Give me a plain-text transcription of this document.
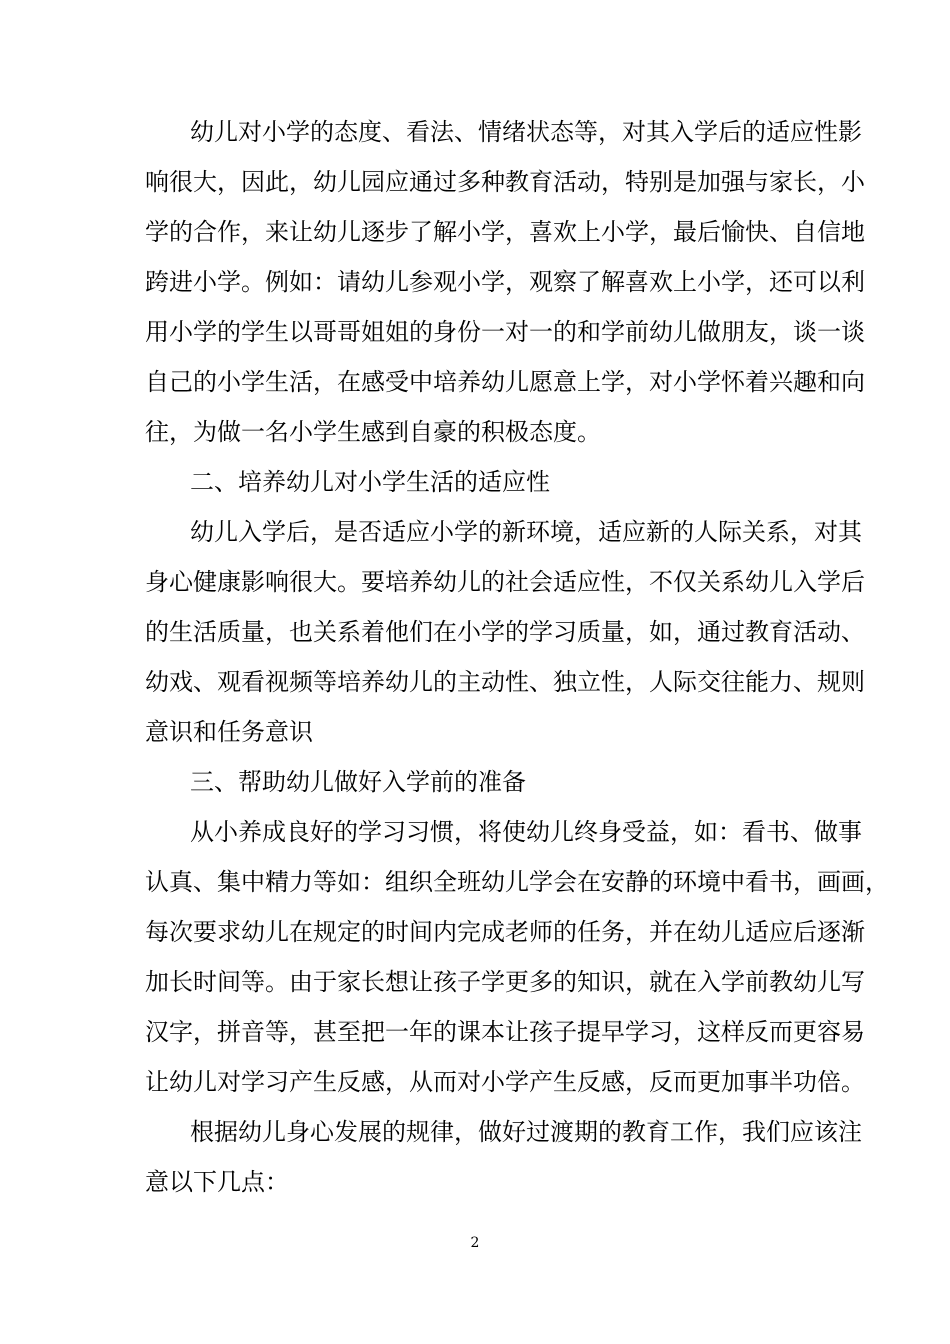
幼儿对小学的态度、看法、情绪状态等，对其入学后的适应性影
响很大，因此，幼儿园应通过多种教育活动，特别是加强与家长，小
学的合作，来让幼儿逐步了解小学，喜欢上小学，最后愉快、自信地
跨进小学。例如：请幼儿参观小学，观察了解喜欢上小学，还可以利
用小学的学生以哥哥姐姐的身份一对一的和学前幼儿做朋友，谈一谈
自己的小学生活，在感受中培养幼儿愿意上学，对小学怀着兴趣和向
往，为做一名小学生感到自豪的积极态度。
二、培养幼儿对小学生活的适应性
幼儿入学后，是否适应小学的新环境，适应新的人际关系，对其
身心健康影响很大。要培养幼儿的社会适应性，不仅关系幼儿入学后
的生活质量，也关系着他们在小学的学习质量，如，通过教育活动、
幼戏、观看视频等培养幼儿的主动性、独立性，人际交往能力、规则
意识和任务意识
三、帮助幼儿做好入学前的准备
从小养成良好的学习习惯，将使幼儿终身受益，如：看书、做事
认真、集中精力等如：组织全班幼儿学会在安静的环境中看书，画画，
每次要求幼儿在规定的时间内完成老师的任务，并在幼儿适应后逐渐
加长时间等。由于家长想让孩子学更多的知识，就在入学前教幼儿写
汉字，拼音等，甚至把一年的课本让孩子提早学习，这样反而更容易
让幼儿对学习产生反感，从而对小学产生反感，反而更加事半功倍。
根据幼儿身心发展的规律，做好过渡期的教育工作，我们应该注
意以下几点：
2
